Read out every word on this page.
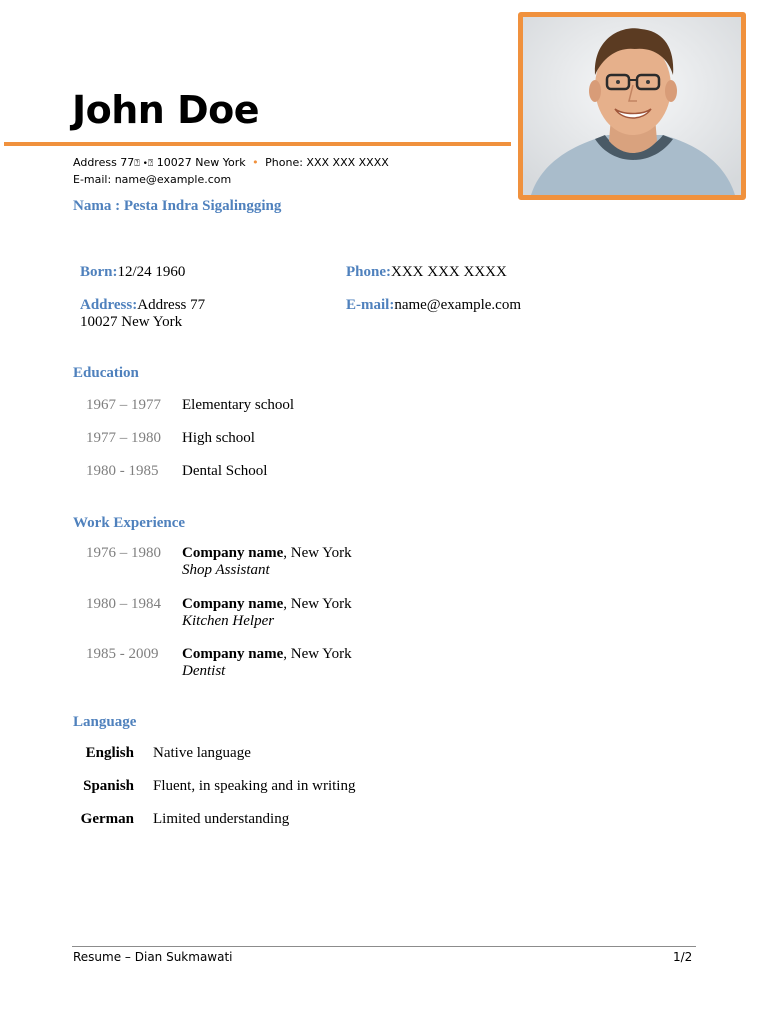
John Doe
Address 77⍰ •⍰ 10027 New York • Phone: XXX XXX XXXX
E-mail: name@example.com
Nama : Pesta Indra Sigalingging
Born:12/24 1960	Phone:XXX XXX XXXX
Address:Address 77
10027 New York
E-mail:name@example.com
Education
1967 – 1977 Elementary school
1977 – 1980 High school
1980 - 1985 Dental School
Work Experience
1976 – 1980 Company name, New York
Shop Assistant
1980 – 1984 Company name, New York
Kitchen Helper
1985 - 2009 Company name, New York
Dentist
Language
English Native language
Spanish Fluent, in speaking and in writing
German Limited understanding
Resume – Dian Sukmawati	1/2
